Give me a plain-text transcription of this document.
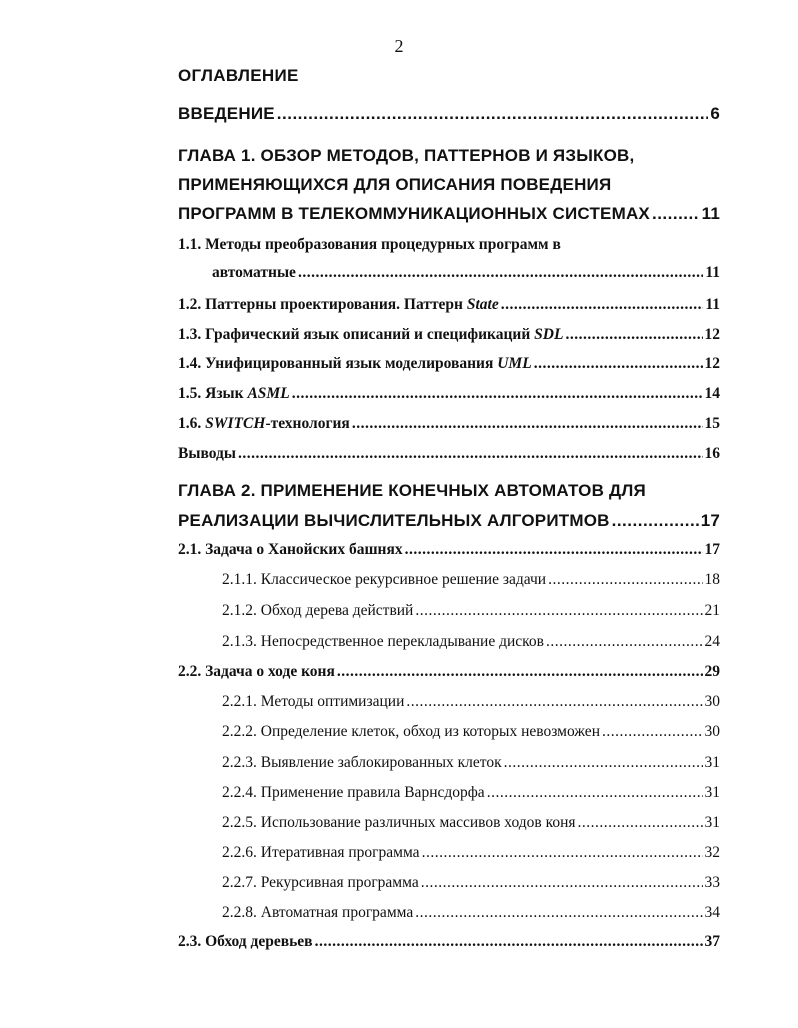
2
ОГЛАВЛЕНИЕ
ВВЕДЕНИЕ .....	6
ГЛАВА 1. ОБЗОР МЕТОДОВ, ПАТТЕРНОВ И ЯЗЫКОВ,
ПРИМЕНЯЮЩИХСЯ ДЛЯ ОПИСАНИЯ ПОВЕДЕНИЯ
ПРОГРАММ В ТЕЛЕКОММУНИКАЦИОННЫХ СИСТЕМАХ .....	11
1.1. Методы преобразования процедурных программ в
автоматные .....	11
1.2. Паттерны проектирования. Паттерн State .....	11
1.3. Графический язык описаний и спецификаций SDL .....	12
1.4. Унифицированный язык моделирования UML .....	12
1.5. Язык ASML .....	14
1.6. SWITCH-технология .....	15
Выводы .....	16
ГЛАВА 2. ПРИМЕНЕНИЕ КОНЕЧНЫХ АВТОМАТОВ ДЛЯ
РЕАЛИЗАЦИИ ВЫЧИСЛИТЕЛЬНЫХ АЛГОРИТМОВ .....	17
2.1. Задача о Ханойских башнях .....	17
2.1.1. Классическое рекурсивное решение задачи .....	18
2.1.2. Обход дерева действий .....	21
2.1.3. Непосредственное перекладывание дисков .....	24
2.2. Задача о ходе коня .....	29
2.2.1. Методы оптимизации .....	30
2.2.2. Определение клеток, обход из которых невозможен .....	30
2.2.3. Выявление заблокированных клеток .....	31
2.2.4. Применение правила Варнсдорфа .....	31
2.2.5. Использование различных массивов ходов коня .....	31
2.2.6. Итеративная программа .....	32
2.2.7. Рекурсивная программа .....	33
2.2.8. Автоматная программа .....	34
2.3. Обход деревьев .....	37
